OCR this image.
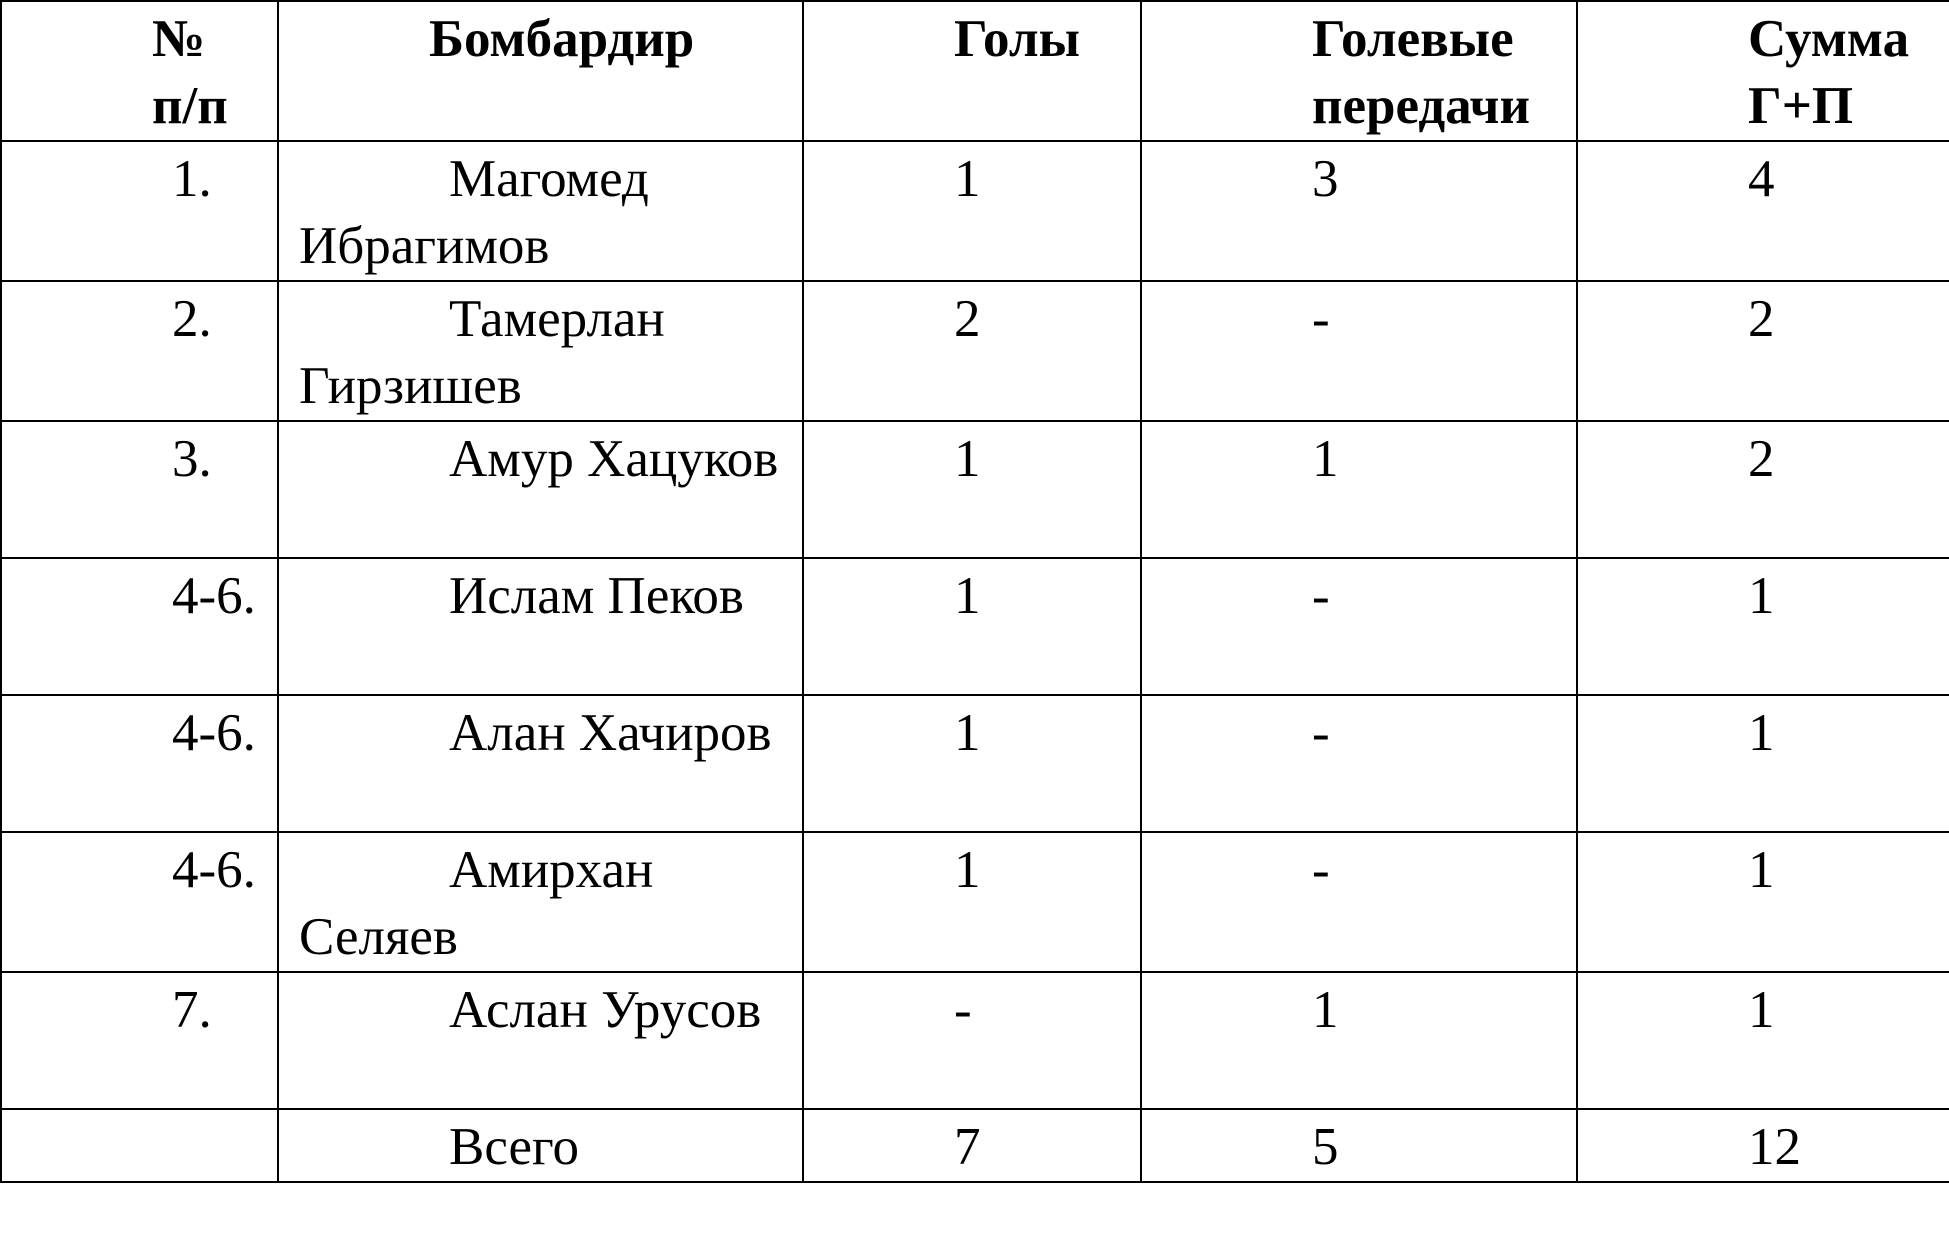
№ п/п	Бомбардир	Голы	Голевые передачи	Сумма Г+П

1.	Магомед Ибрагимов	1	3	4

2.	Тамерлан Гирзишев	2	-	2

3.	Амур Хацуков	1	1	2

4-6.	Ислам Пеков	1	-	1

4-6.	Алан Хачиров	1	-	1

4-6.	Амирхан Селяев	1	-	1

7.	Аслан Урусов	-	1	1

	Всего	7	5	12
